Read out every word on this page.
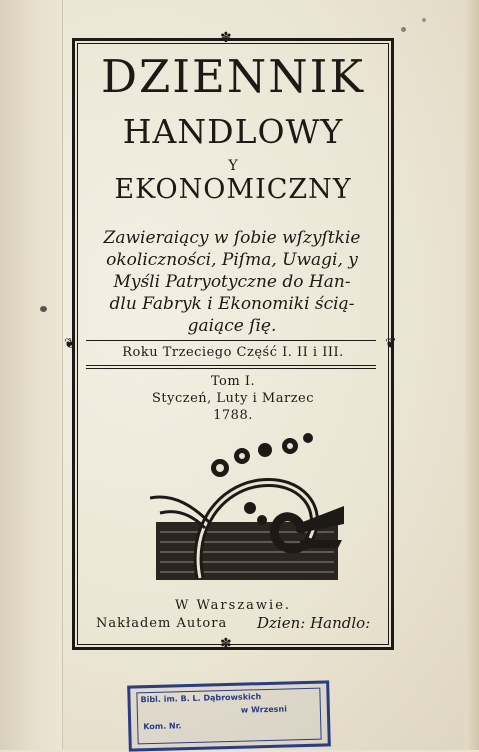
✽
✽
❦	❦
DZIENNIK
HANDLOWY
Y
EKONOMICZNY
Zawieraiący w ſobie wſzyſtkie
okoliczności, Piſma, Uwagi, y
Myśli Patryotyczne do Han-
dlu Fabryk i Ekonomiki ścią-
gaiące ſię.
Roku Trzeciego Część I. II i III.
Tom I.
Styczeń, Luty i Marzec
1788.
W Warszawie.
Nakładem Autora Dzien: Handlo:
Bibl. im. B. L. Dąbrowskich
w Wrzesni
Kom. Nr.
